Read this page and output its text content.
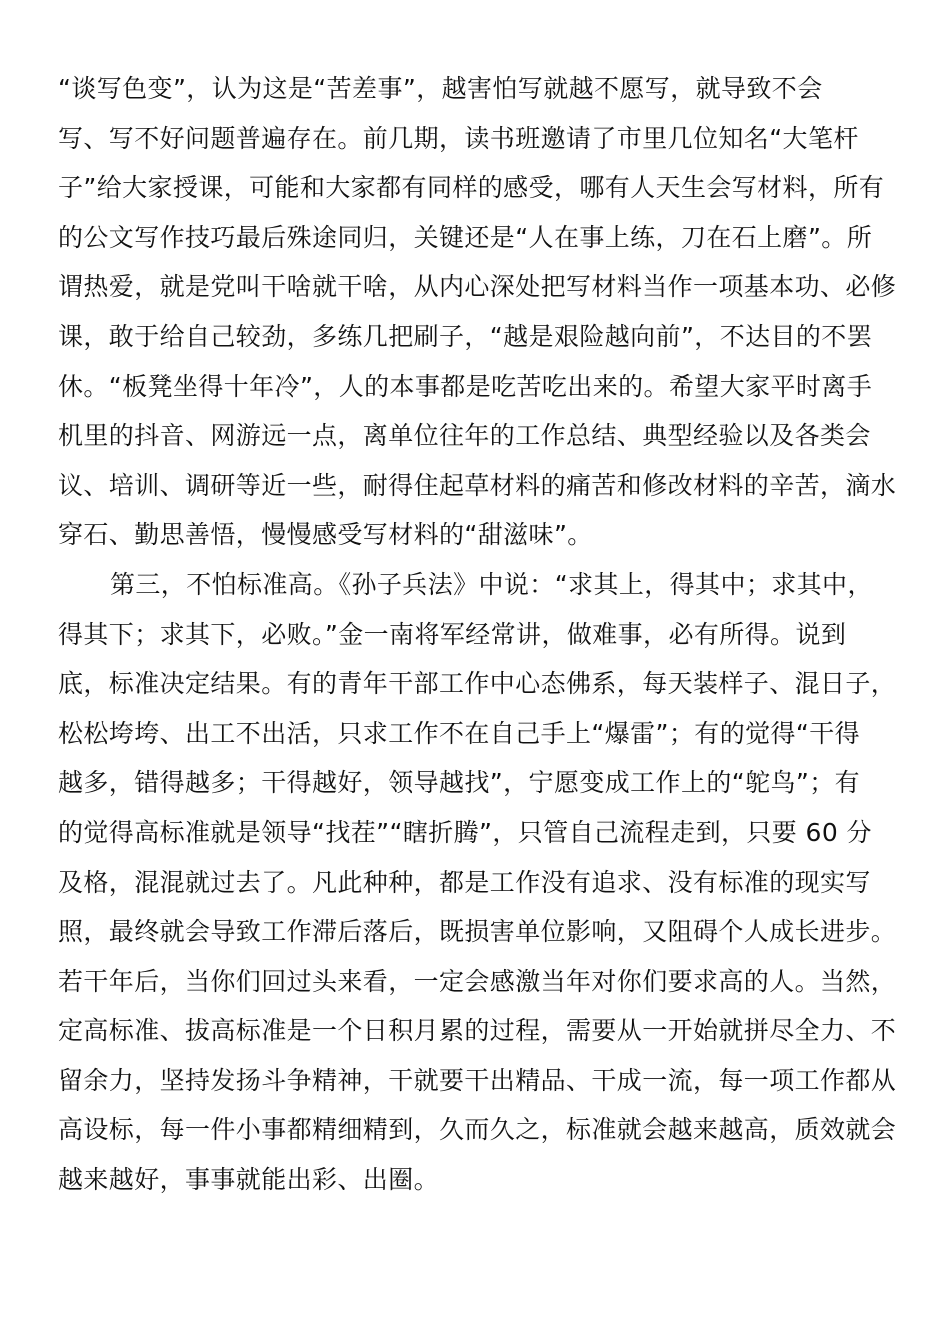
“谈写色变”，认为这是“苦差事”，越害怕写就越不愿写，就导致不会
写、写不好问题普遍存在。前几期，读书班邀请了市里几位知名“大笔杆
子”给大家授课，可能和大家都有同样的感受，哪有人天生会写材料，所有
的公文写作技巧最后殊途同归，关键还是“人在事上练，刀在石上磨”。所
谓热爱，就是党叫干啥就干啥，从内心深处把写材料当作一项基本功、必修
课，敢于给自己较劲，多练几把刷子，“越是艰险越向前”，不达目的不罢
休。“板凳坐得十年冷”，人的本事都是吃苦吃出来的。希望大家平时离手
机里的抖音、网游远一点，离单位往年的工作总结、典型经验以及各类会
议、培训、调研等近一些，耐得住起草材料的痛苦和修改材料的辛苦，滴水
穿石、勤思善悟，慢慢感受写材料的“甜滋味”。
第三，不怕标准高。《孙子兵法》中说：“求其上，得其中；求其中，
得其下；求其下，必败。”金一南将军经常讲，做难事，必有所得。说到
底，标准决定结果。有的青年干部工作中心态佛系，每天装样子、混日子，
松松垮垮、出工不出活，只求工作不在自己手上“爆雷”；有的觉得“干得
越多，错得越多；干得越好，领导越找”，宁愿变成工作上的“鸵鸟”；有
的觉得高标准就是领导“找茬”“瞎折腾”，只管自己流程走到，只要 60 分
及格，混混就过去了。凡此种种，都是工作没有追求、没有标准的现实写
照，最终就会导致工作滞后落后，既损害单位影响，又阻碍个人成长进步。
若干年后，当你们回过头来看，一定会感激当年对你们要求高的人。当然，
定高标准、拔高标准是一个日积月累的过程，需要从一开始就拼尽全力、不
留余力，坚持发扬斗争精神，干就要干出精品、干成一流，每一项工作都从
高设标，每一件小事都精细精到，久而久之，标准就会越来越高，质效就会
越来越好，事事就能出彩、出圈。
